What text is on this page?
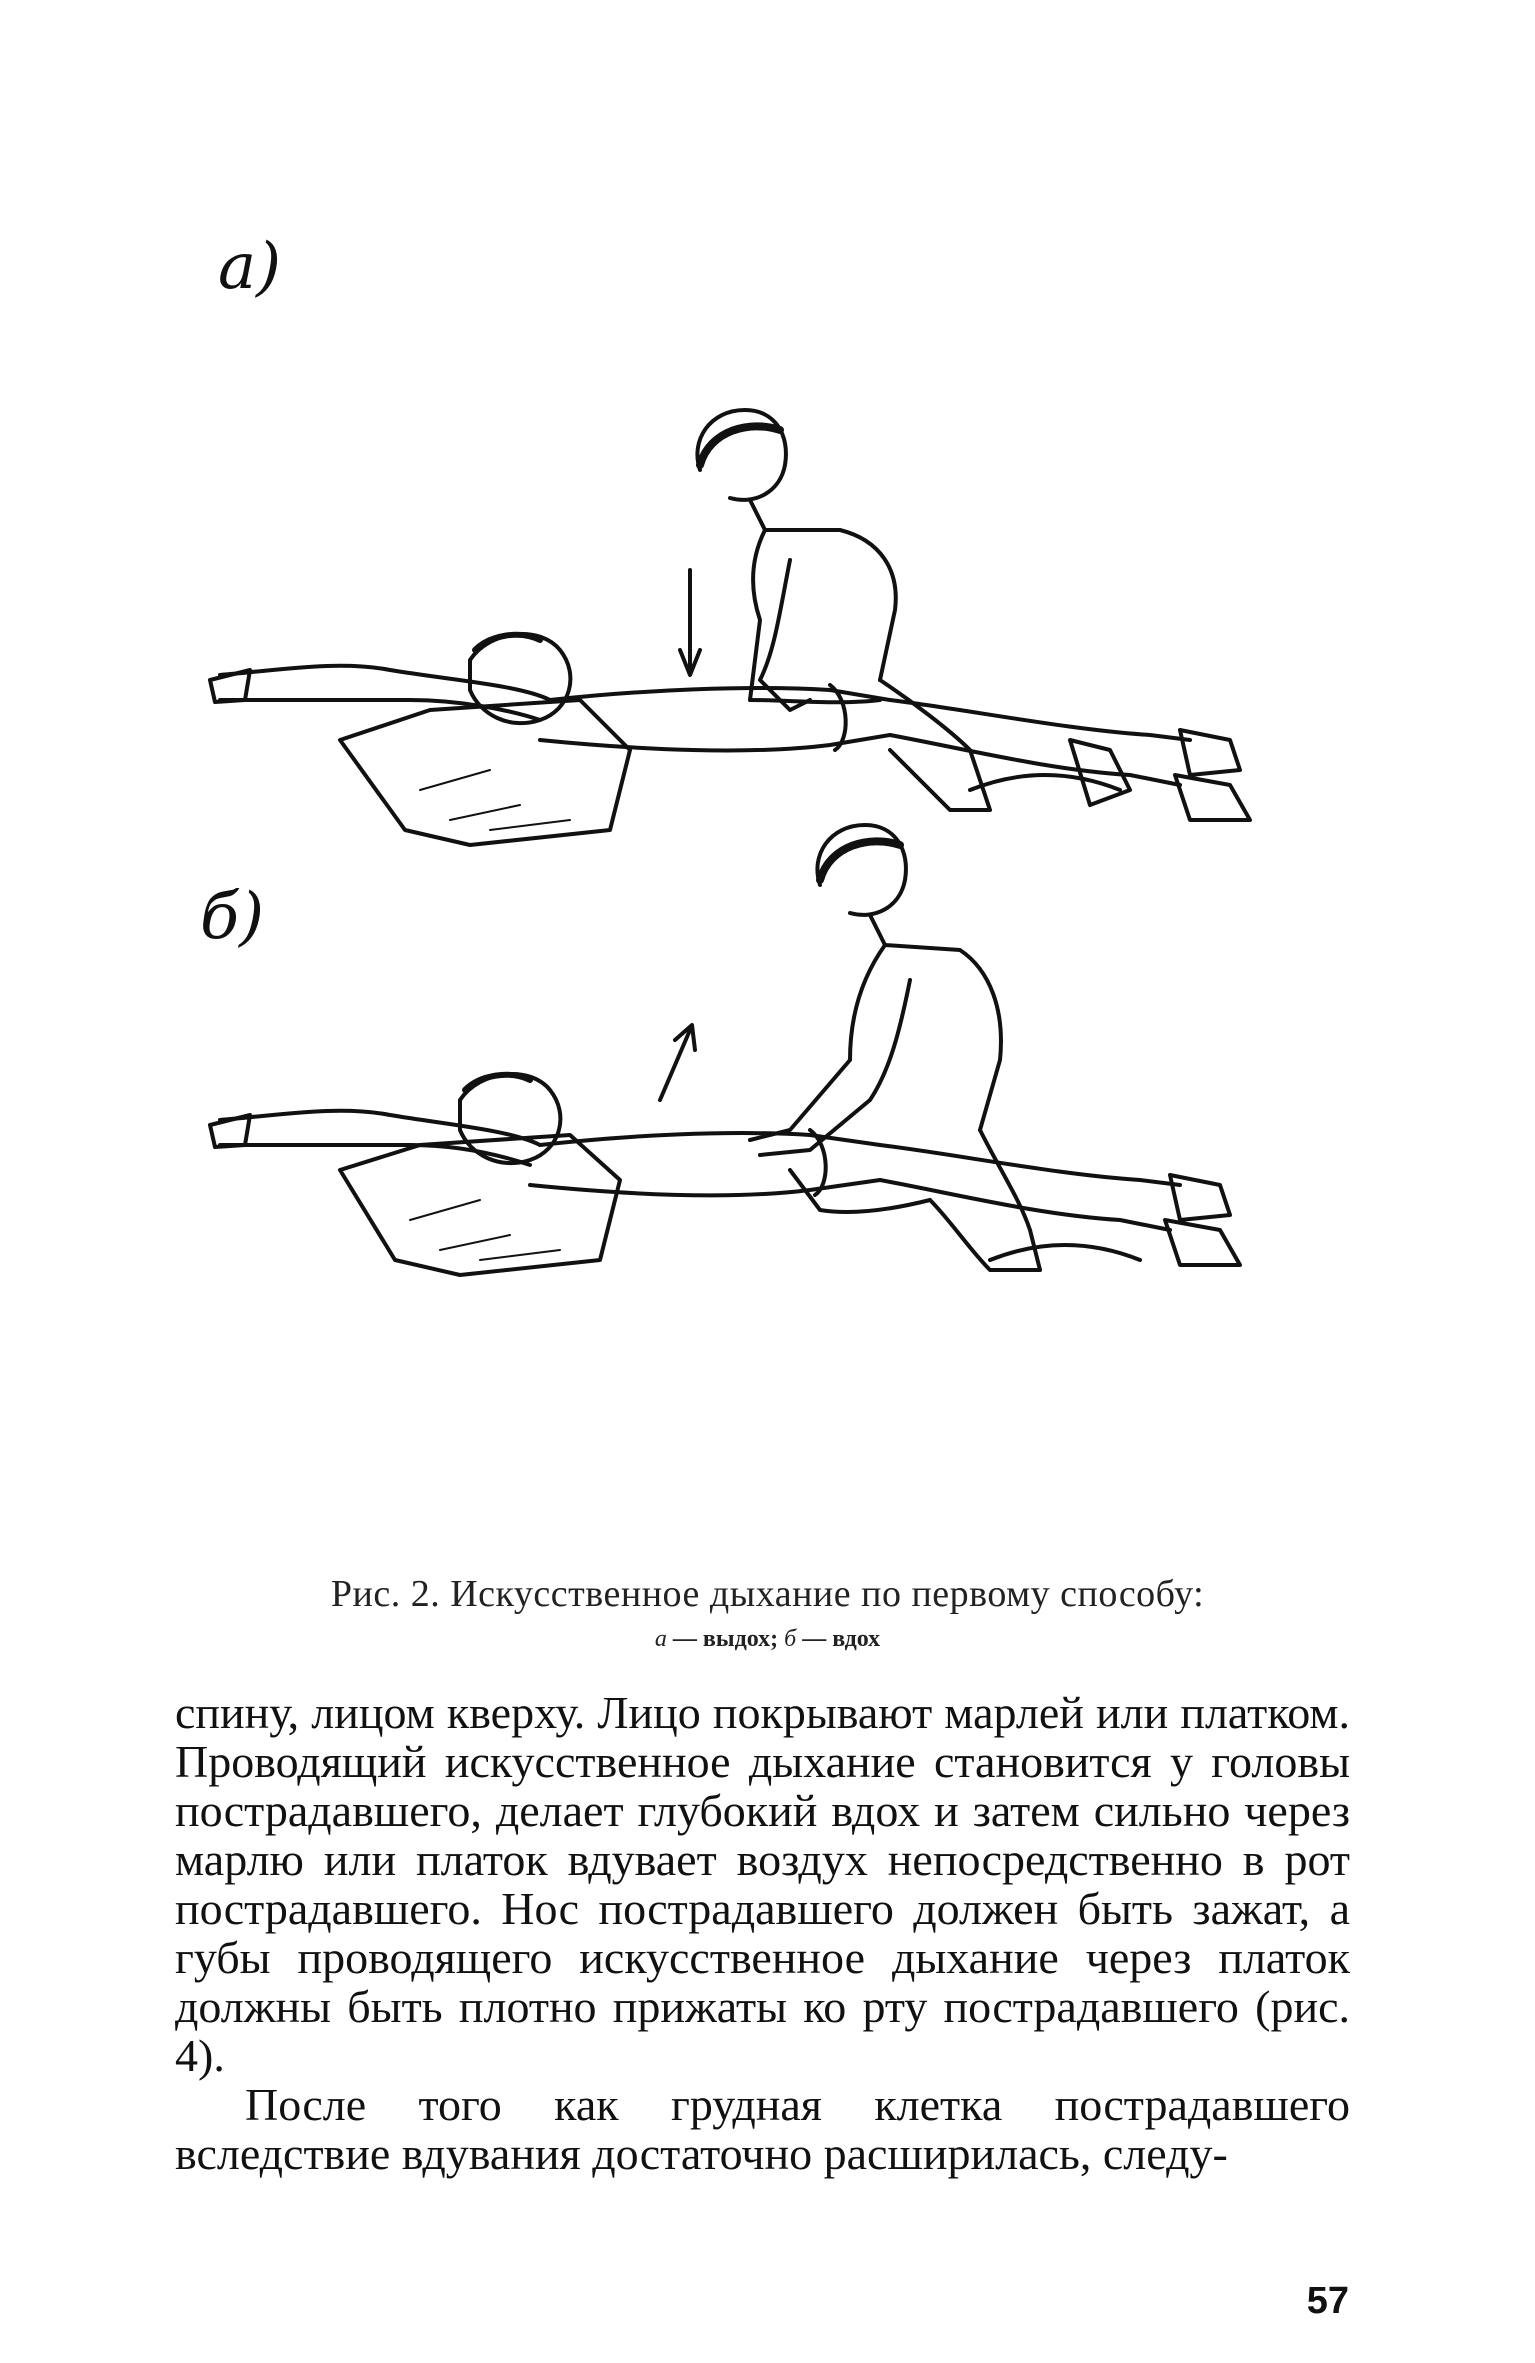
а)
б)
Рис. 2. Искусственное дыхание по первому способу:
а — выдох; б — вдох

спину, лицом кверху. Лицо покрывают марлей или платком. Проводящий искусственное дыхание становится у головы пострадавшего, делает глубокий вдох и затем сильно через марлю или платок вдувает воздух непосредственно в рот пострадавшего. Нос пострадавшего должен быть зажат, а губы проводящего искусственное дыхание через платок должны быть плотно прижаты ко рту пострадавшего (рис. 4).

После того как грудная клетка пострадавшего вследствие вдувания достаточно расширилась, следу-

57
